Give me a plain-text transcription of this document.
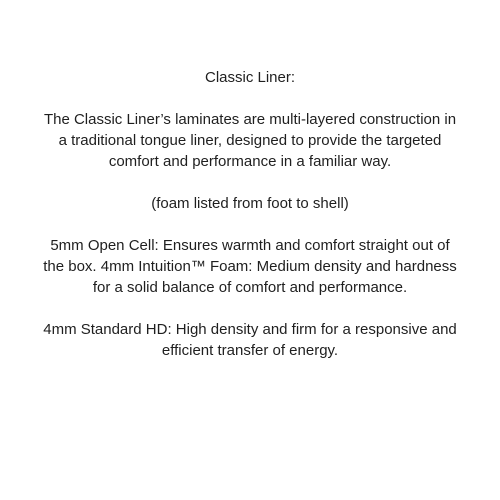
Classic Liner:

The Classic Liner’s laminates are multi-layered construction in a traditional tongue liner, designed to provide the targeted comfort and performance in a familiar way.

(foam listed from foot to shell)

5mm Open Cell: Ensures warmth and comfort straight out of the box. 4mm Intuition™ Foam: Medium density and hardness for a solid balance of comfort and performance.

4mm Standard HD: High density and firm for a responsive and efficient transfer of energy.
